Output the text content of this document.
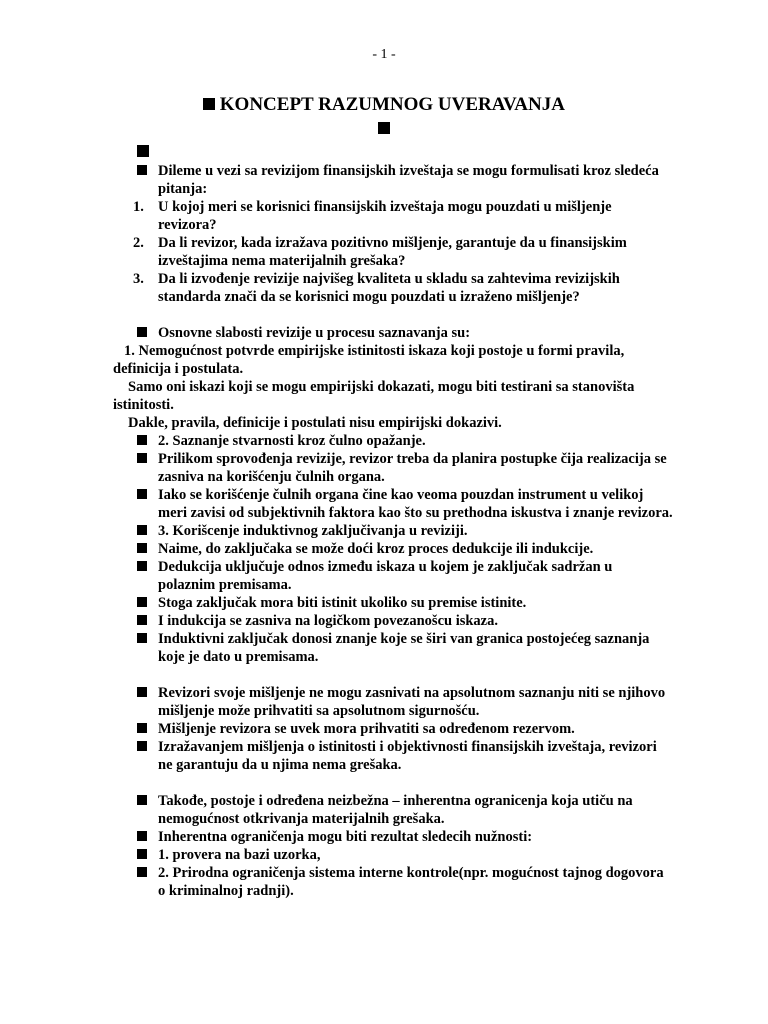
- 1 -
KONCEPT RAZUMNOG UVERAVANJA

Dileme u vezi sa revizijom finansijskih izveštaja se mogu formulisati kroz sledeća pitanja:
1. U kojoj meri se korisnici finansijskih izveštaja mogu pouzdati u mišljenje revizora?
2. Da li revizor, kada izražava pozitivno mišljenje, garantuje da u finansijskim izveštajima nema materijalnih grešaka?
3. Da li izvođenje revizije najvišeg kvaliteta u skladu sa zahtevima revizijskih standarda znači da se korisnici mogu pouzdati u izraženo mišljenje?
Osnovne slabosti revizije u procesu saznavanja su:
1. Nemogućnost potvrde empirijske istinitosti iskaza koji postoje u formi pravila, definicija i postulata.
Samo oni iskazi koji se mogu empirijski dokazati, mogu biti testirani sa stanovišta istinitosti.
Dakle, pravila, definicije i postulati nisu empirijski dokazivi.
2. Saznanje stvarnosti kroz čulno opažanje.
Prilikom sprovođenja revizije, revizor treba da planira postupke čija realizacija se zasniva na korišćenju čulnih organa.
Iako se korišćenje čulnih organa čine kao veoma pouzdan instrument u velikoj meri zavisi od subjektivnih faktora kao što su prethodna iskustva i znanje revizora.
3. Korišcenje induktivnog zaključivanja u reviziji.
Naime, do zaključaka se može doći kroz proces dedukcije ili indukcije.
Dedukcija uključuje odnos između iskaza u kojem je zaključak sadržan u polaznim premisama.
Stoga zaključak mora biti istinit ukoliko su premise istinite.
I indukcija se zasniva na logičkom povezanošcu iskaza.
Induktivni zaključak donosi znanje koje se širi van granica postojećeg saznanja koje je dato u premisama.
Revizori svoje mišljenje ne mogu zasnivati na apsolutnom saznanju niti se njihovo mišljenje može prihvatiti sa apsolutnom sigurnošću.
Mišljenje revizora se uvek mora prihvatiti sa određenom rezervom.
Izražavanjem mišljenja o istinitosti i objektivnosti finansijskih izveštaja, revizori ne garantuju da u njima nema grešaka.
Takođe, postoje i određena neizbežna – inherentna ogranicenja koja utiču na nemogućnost otkrivanja materijalnih grešaka.
Inherentna ograničenja mogu biti rezultat sledecih nužnosti:
1. provera na bazi uzorka,
2. Prirodna ograničenja sistema interne kontrole(npr. mogućnost tajnog dogovora o kriminalnoj radnji).
